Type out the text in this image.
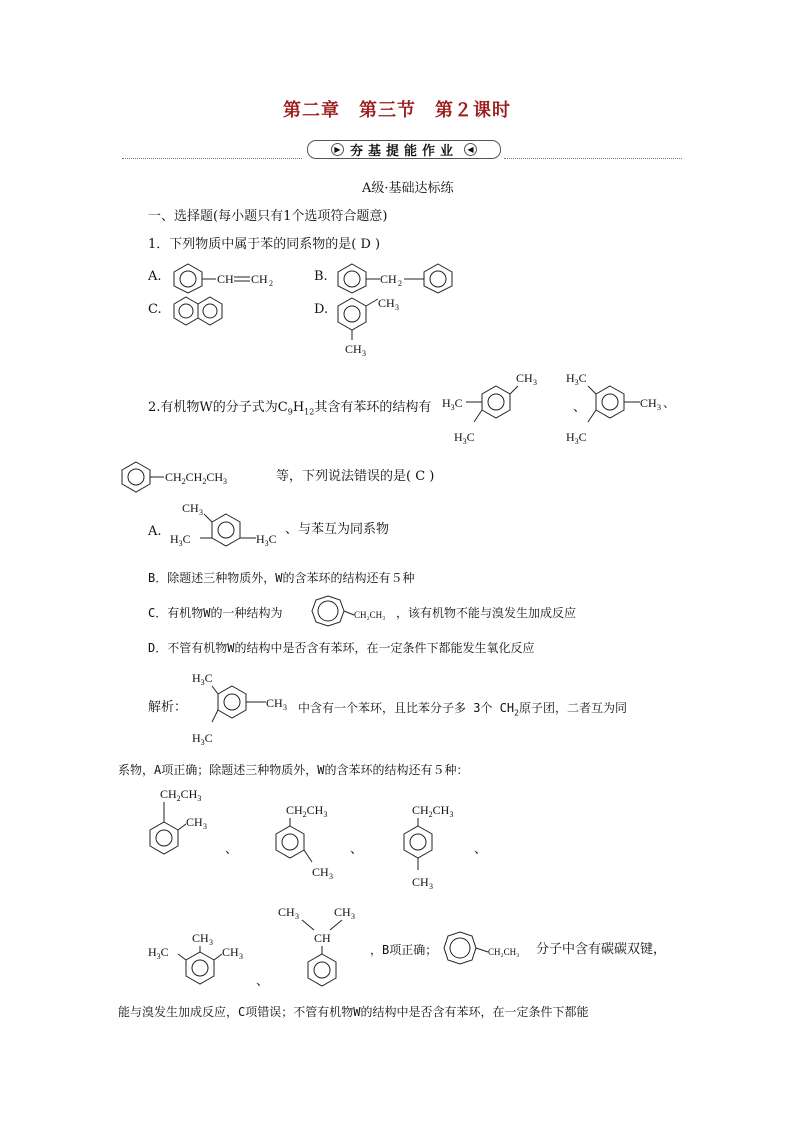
第二章　第三节　第２课时
▶ 夯基提能作业	◀
A级·基础达标练
一、选择题(每小题只有1个选项符合题意)
1．下列物质中属于苯的同系物的是( D )
A.	B.
C.	D.
CH CH 2	CH 2
CH 3
CH 3
2.有机物W的分子式为$C_9H_{12}$其含有苯环的结构有
CH 3
$H_3C$
$H_3C$
、
$H_3C$
CH 3 、
$H_3C$
$CH_2CH_2CH_3$	等，下列说法错误的是( C )
A.
CH 3
$H_3C$	$H_3C$
、与苯互为同系物
B．除题述三种物质外，W的含苯环的结构还有５种
C．有机物W的一种结构为	CH₂CH₃ ，该有机物不能与溴发生加成反应
D．不管有机物W的结构中是否含有苯环，在一定条件下都能发生氧化反应
解析：
$H_3C$
CH 3
$H_3C$
中含有一个苯环，且比苯分子多 3个 $CH_2$原子团，二者互为同
系物，A项正确；除题述三种物质外，W的含苯环的结构还有５种：
$CH_2CH_3$
CH 3
、
$CH_2CH_3$
CH 3
、
$CH_2CH_3$
CH 3
、
CH 3
$H_3C$	CH 3
、
CH 3	CH 3
CH
，B项正确；	CH₂CH₃ 分子中含有碳碳双键，
能与溴发生加成反应，C项错误；不管有机物W的结构中是否含有苯环，在一定条件下都能
